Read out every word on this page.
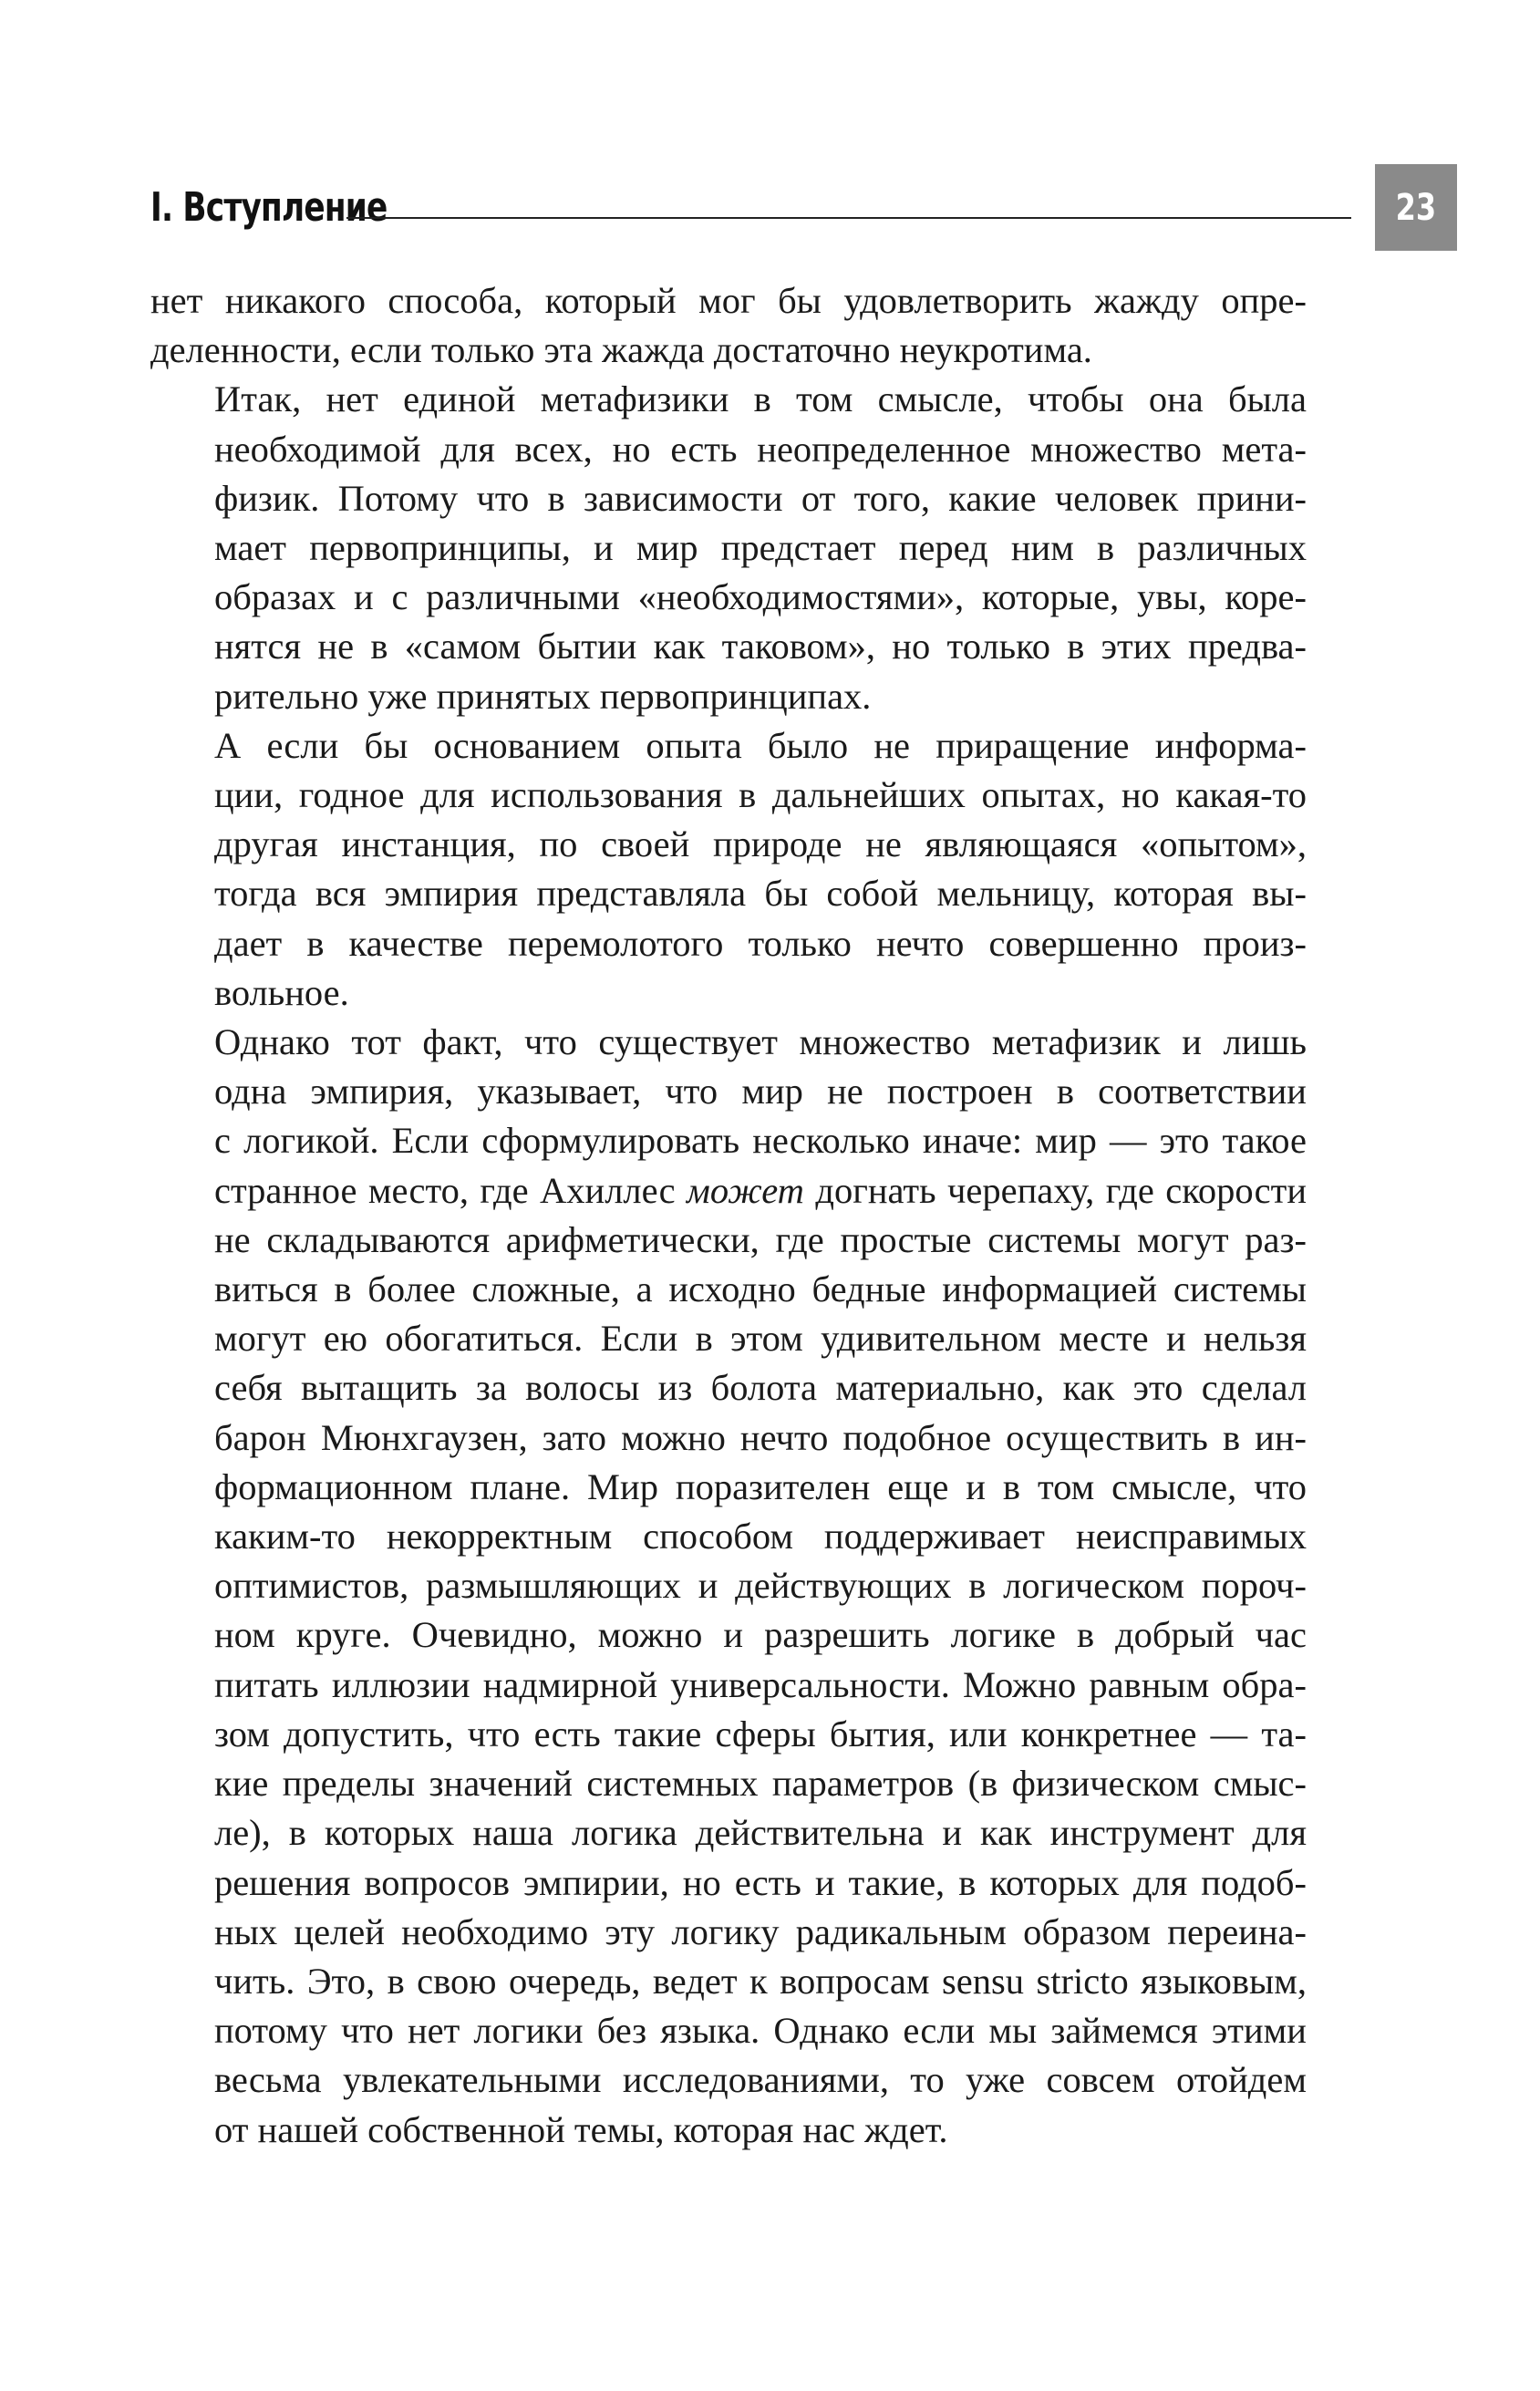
I. Вступление	23

нет никакого способа, который мог бы удовлетворить жажду опре-
деленности, если только эта жажда достаточно неукротима.

Итак, нет единой метафизики в том смысле, чтобы она была
необходимой для всех, но есть неопределенное множество мета-
физик. Потому что в зависимости от того, какие человек прини-
мает первопринципы, и мир предстает перед ним в различных
образах и с различными «необходимостями», которые, увы, коре-
нятся не в «самом бытии как таковом», но только в этих предва-
рительно уже принятых первопринципах.

А если бы основанием опыта было не приращение информа-
ции, годное для использования в дальнейших опытах, но какая-то
другая инстанция, по своей природе не являющаяся «опытом»,
тогда вся эмпирия представляла бы собой мельницу, которая вы-
дает в качестве перемолотого только нечто совершенно произ-
вольное.

Однако тот факт, что существует множество метафизик и лишь
одна эмпирия, указывает, что мир не построен в соответствии
с логикой. Если сформулировать несколько иначе: мир — это такое
странное место, где Ахиллес может догнать черепаху, где скорости
не складываются арифметически, где простые системы могут раз-
виться в более сложные, а исходно бедные информацией системы
могут ею обогатиться. Если в этом удивительном месте и нельзя
себя вытащить за волосы из болота материально, как это сделал
барон Мюнхгаузен, зато можно нечто подобное осуществить в ин-
формационном плане. Мир поразителен еще и в том смысле, что
каким-то некорректным способом поддерживает неисправимых
оптимистов, размышляющих и действующих в логическом пороч-
ном круге. Очевидно, можно и разрешить логике в добрый час
питать иллюзии надмирной универсальности. Можно равным обра-
зом допустить, что есть такие сферы бытия, или конкретнее — та-
кие пределы значений системных параметров (в физическом смыс-
ле), в которых наша логика действительна и как инструмент для
решения вопросов эмпирии, но есть и такие, в которых для подоб-
ных целей необходимо эту логику радикальным образом переина-
чить. Это, в свою очередь, ведет к вопросам sensu stricto языковым,
потому что нет логики без языка. Однако если мы займемся этими
весьма увлекательными исследованиями, то уже совсем отойдем
от нашей собственной темы, которая нас ждет.
